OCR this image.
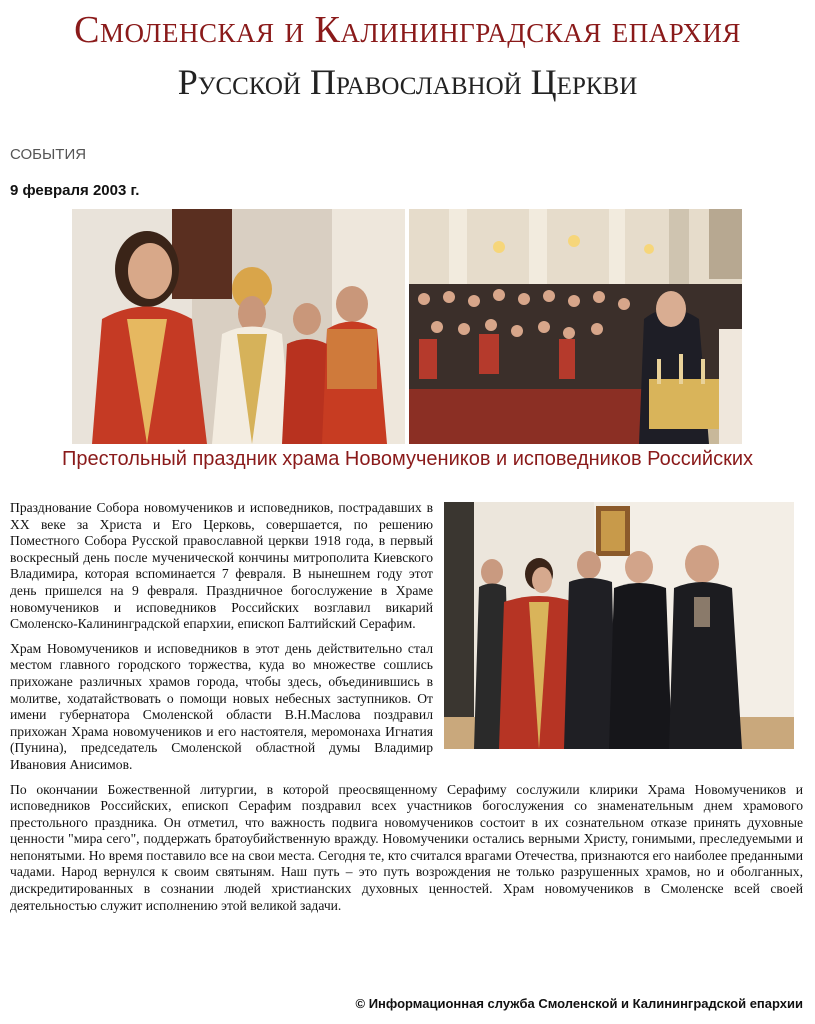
Смоленская и Калининградская епархия
Русской Православной Церкви
СОБЫТИЯ
9 февраля 2003 г.
Престольный праздник храма Новомучеников и исповедников Российских

Празднование Собора новомучеников и исповедников, пострадавших в XX веке за Христа и Его Церковь, совершается, по решению Поместного Собора Русской православной церкви 1918 года, в первый воскресный день после мученической кончины митрополита Киевского Владимира, которая вспоминается 7 февраля. В нынешнем году этот день пришелся на 9 февраля. Праздничное богослужение в Храме новомучеников и исповедников Российских возглавил викарий Смоленско-Калининградской епархии, епископ Балтийский Серафим.

Храм Новомучеников и исповедников в этот день действительно стал местом главного городского торжества, куда во множестве сошлись прихожане различных храмов города, чтобы здесь, объединившись в молитве, ходатайствовать о помощи новых небесных заступников. От имени губернатора Смоленской области В.Н.Маслова поздравил прихожан Храма новомучеников и его настоятеля, меромонаха Игнатия (Пунина), председатель Смоленской областной думы Владимир Ивановия Анисимов.

По окончании Божественной литургии, в которой преосвященному Серафиму сослужили клирики Храма Новомучеников и исповедников Российских, епископ Серафим поздравил всех участников богослужения со знаменательным днем храмового престольного праздника. Он отметил, что важность подвига новомучеников состоит в их сознательном отказе принять духовные ценности "мира сего", поддержать братоубийственную вражду. Новомученики остались верными Христу, гонимыми, преследуемыми и непонятыми. Но время поставило все на свои места. Сегодня те, кто считался врагами Отечества, признаются его наиболее преданными чадами. Народ вернулся к своим святыням. Наш путь – это путь возрождения не только разрушенных храмов, но и оболганных, дискредитированных в сознании людей христианских духовных ценностей. Храм новомучеников в Смоленске всей своей деятельностью служит исполнению этой великой задачи.

© Информационная служба Смоленской и Калининградской епархии
